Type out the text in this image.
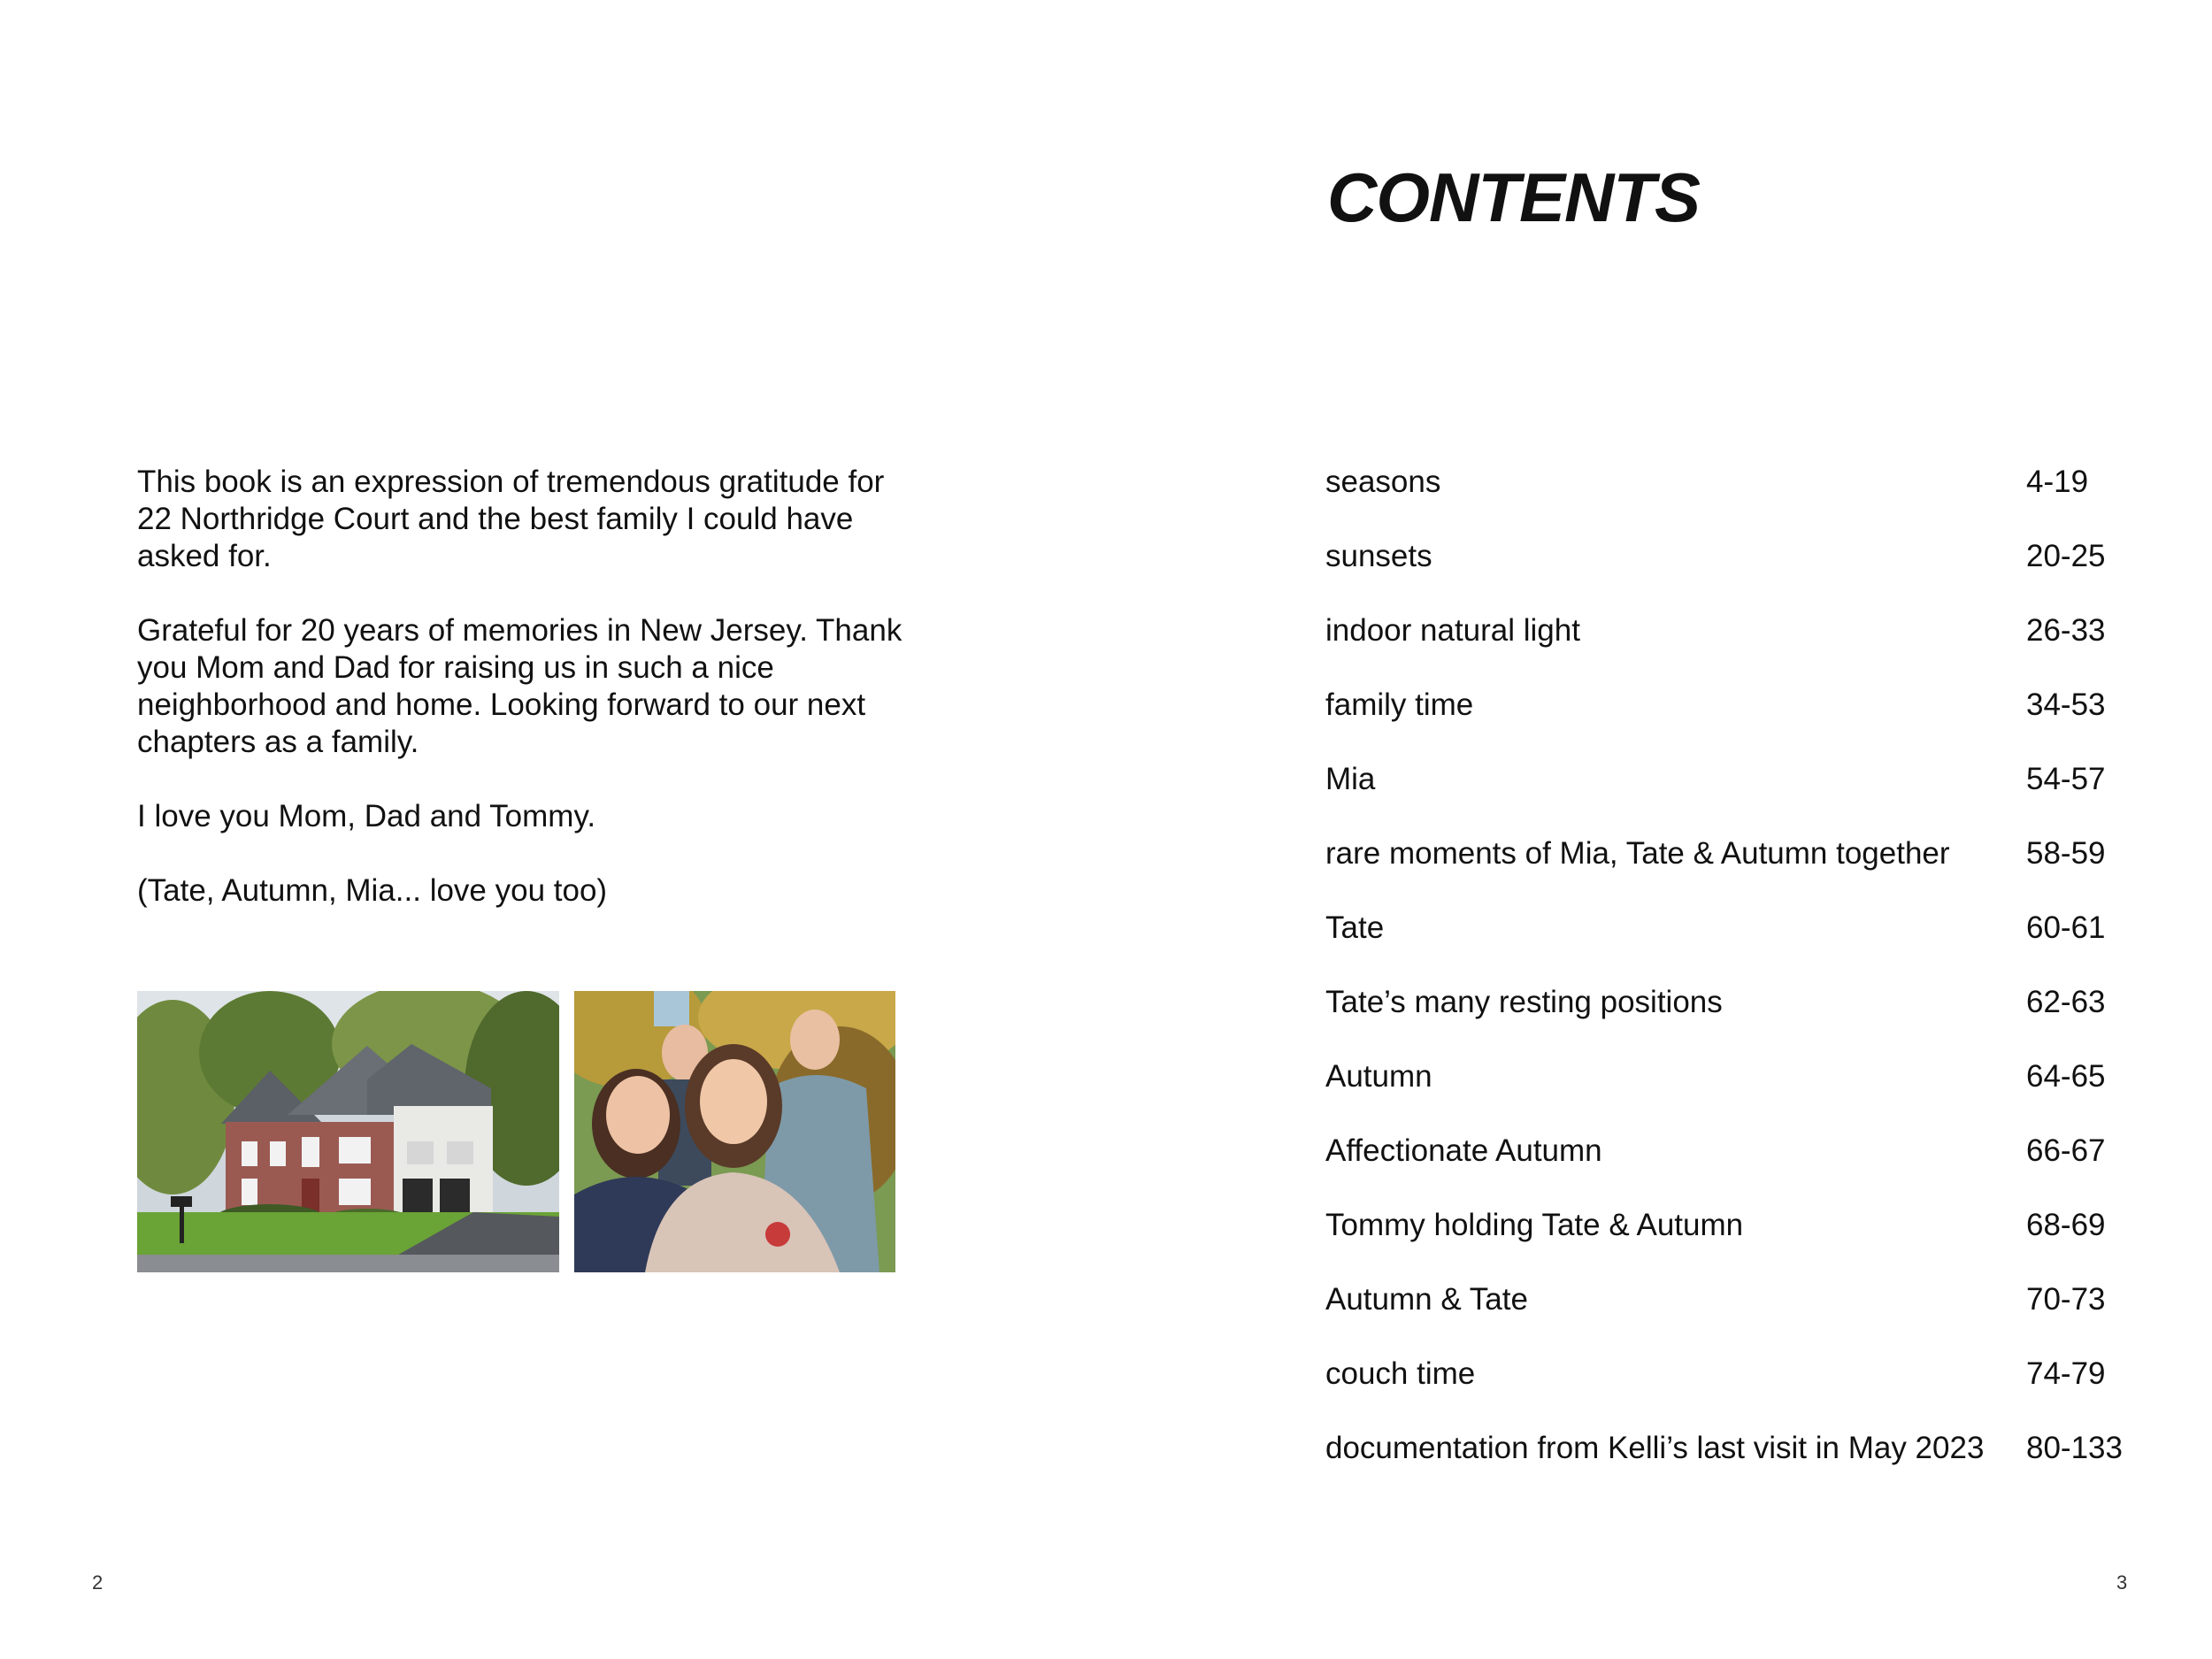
This book is an expression of tremendous gratitude for 22 Northridge Court and the best family I could have asked for.

Grateful for 20 years of memories in New Jersey. Thank you Mom and Dad for raising us in such a nice neighborhood and home. Looking forward to our next chapters as a family.

I love you Mom, Dad and Tommy.

(Tate, Autumn, Mia... love you too)

2
CONTENTS
seasons	4-19
sunsets	20-25
indoor natural light	26-33
family time	34-53
Mia	54-57
rare moments of Mia, Tate & Autumn together 58-59
Tate	60-61
Tate’s many resting positions	62-63
Autumn	64-65
Affectionate Autumn	66-67
Tommy holding Tate & Autumn	68-69
Autumn & Tate	70-73
couch time	74-79
documentation from Kelli’s last visit in May 2023 80-133
3
